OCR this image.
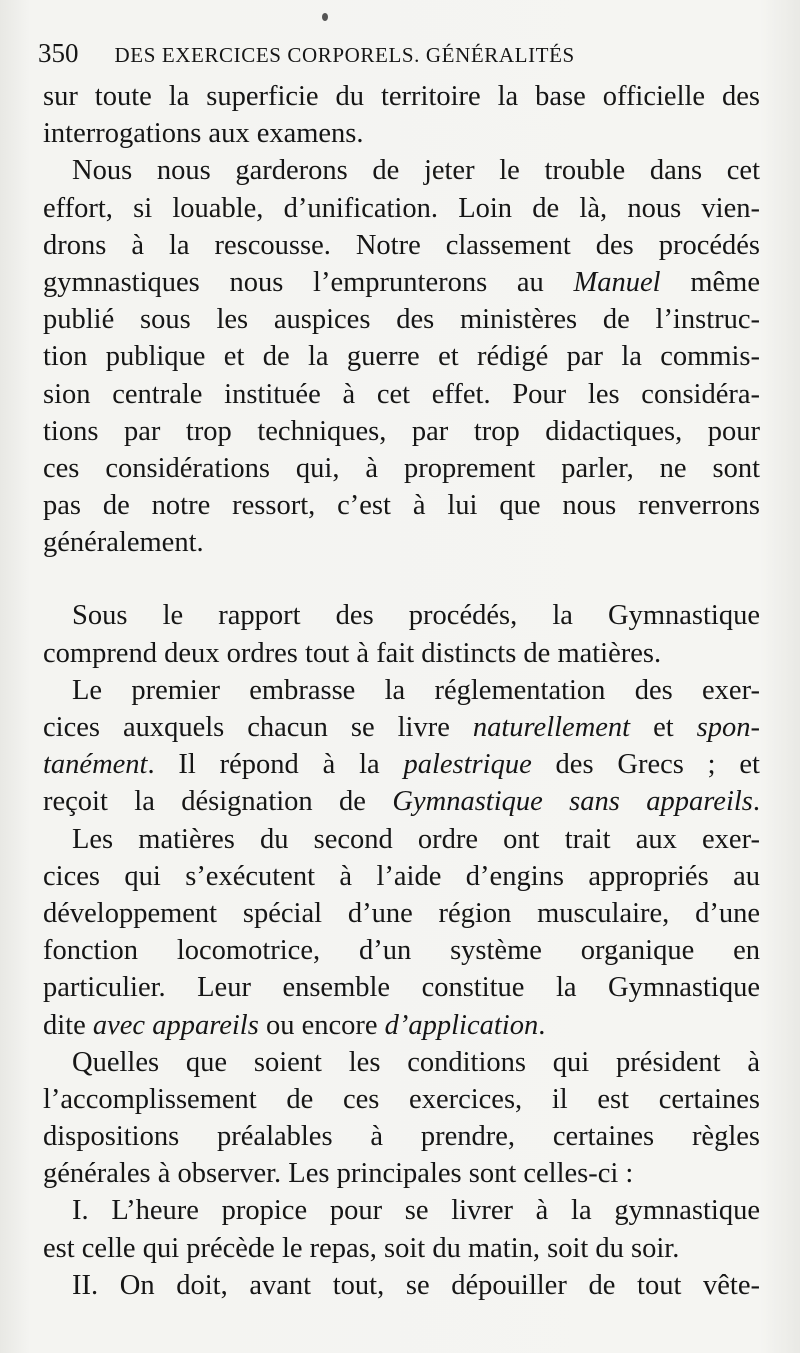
350 DES EXERCICES CORPORELS. GÉNÉRALITÉS
sur toute la superficie du territoire la base officielle des
interrogations aux examens.
Nous nous garderons de jeter le trouble dans cet
effort, si louable, d’unification. Loin de là, nous vien-
drons à la rescousse. Notre classement des procédés
gymnastiques nous l’emprunterons au Manuel même
publié sous les auspices des ministères de l’instruc-
tion publique et de la guerre et rédigé par la commis-
sion centrale instituée à cet effet. Pour les considéra-
tions par trop techniques, par trop didactiques, pour
ces considérations qui, à proprement parler, ne sont
pas de notre ressort, c’est à lui que nous renverrons
généralement.
Sous le rapport des procédés, la Gymnastique
comprend deux ordres tout à fait distincts de matières.
Le premier embrasse la réglementation des exer-
cices auxquels chacun se livre naturellement et spon-
tanément. Il répond à la palestrique des Grecs ; et
reçoit la désignation de Gymnastique sans appareils.
Les matières du second ordre ont trait aux exer-
cices qui s’exécutent à l’aide d’engins appropriés au
développement spécial d’une région musculaire, d’une
fonction locomotrice, d’un système organique en
particulier. Leur ensemble constitue la Gymnastique
dite avec appareils ou encore d’application.
Quelles que soient les conditions qui président à
l’accomplissement de ces exercices, il est certaines
dispositions préalables à prendre, certaines règles
générales à observer. Les principales sont celles-ci :
I. L’heure propice pour se livrer à la gymnastique
est celle qui précède le repas, soit du matin, soit du soir.
II. On doit, avant tout, se dépouiller de tout vête-
